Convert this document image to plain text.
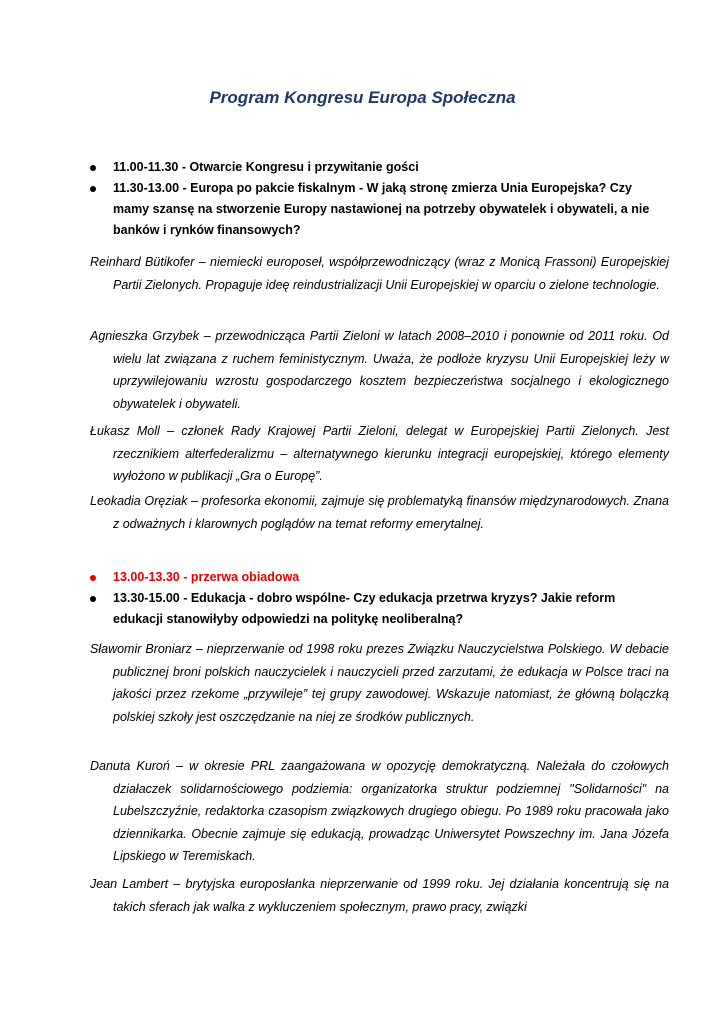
Program Kongresu Europa Społeczna
11.00-11.30 - Otwarcie Kongresu i przywitanie gości
11.30-13.00 - Europa po pakcie fiskalnym - W jaką stronę zmierza Unia Europejska? Czy mamy szansę na stworzenie Europy nastawionej na potrzeby obywatelek i obywateli, a nie banków i rynków finansowych?

Reinhard Bütikofer – niemiecki europoseł, współprzewodniczący (wraz z Monicą Frassoni) Europejskiej Partii Zielonych. Propaguje ideę reindustrializacji Unii Europejskiej w oparciu o zielone technologie.

Agnieszka Grzybek – przewodnicząca Partii Zieloni w latach 2008–2010 i ponownie od 2011 roku. Od wielu lat związana z ruchem feministycznym. Uważa, że podłoże kryzysu Unii Europejskiej leży w uprzywilejowaniu wzrostu gospodarczego kosztem bezpieczeństwa socjalnego i ekologicznego obywatelek i obywateli.

Łukasz Moll – członek Rady Krajowej Partii Zieloni, delegat w Europejskiej Partii Zielonych. Jest rzecznikiem alterfederalizmu – alternatywnego kierunku integracji europejskiej, którego elementy wyłożono w publikacji „Gra o Europę”.

Leokadia Oręziak – profesorka ekonomii, zajmuje się problematyką finansów międzynarodowych. Znana z odważnych i klarownych poglądów na temat reformy emerytalnej.

13.00-13.30 - przerwa obiadowa
13.30-15.00 - Edukacja - dobro wspólne- Czy edukacja przetrwa kryzys? Jakie reform edukacji stanowiłyby odpowiedzi na politykę neoliberalną?

Sławomir Broniarz – nieprzerwanie od 1998 roku prezes Związku Nauczycielstwa Polskiego. W debacie publicznej broni polskich nauczycielek i nauczycieli przed zarzutami, że edukacja w Polsce traci na jakości przez rzekome „przywileje” tej grupy zawodowej. Wskazuje natomiast, że główną bolączką polskiej szkoły jest oszczędzanie na niej ze środków publicznych.

Danuta Kuroń – w okresie PRL zaangażowana w opozycję demokratyczną. Należała do czołowych działaczek solidarnościowego podziemia: organizatorka struktur podziemnej "Solidarności" na Lubelszczyźnie, redaktorka czasopism związkowych drugiego obiegu. Po 1989 roku pracowała jako dziennikarka. Obecnie zajmuje się edukacją, prowadząc Uniwersytet Powszechny im. Jana Józefa Lipskiego w Teremiskach.

Jean Lambert – brytyjska europosłanka nieprzerwanie od 1999 roku. Jej działania koncentrują się na takich sferach jak walka z wykluczeniem społecznym, prawo pracy, związki
